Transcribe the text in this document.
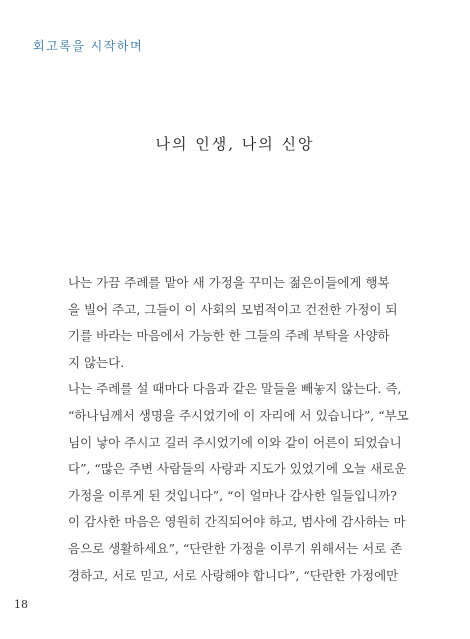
회고록을 시작하며
나의 인생, 나의 신앙
나는 가끔 주례를 맡아 새 가정을 꾸미는 젊은이들에게 행복
을 빌어 주고, 그들이 이 사회의 모범적이고 건전한 가정이 되
기를 바라는 마음에서 가능한 한 그들의 주례 부탁을 사양하
지 않는다.
나는 주례를 설 때마다 다음과 같은 말들을 빼놓지 않는다. 즉,
“하나님께서 생명을 주시었기에 이 자리에 서 있습니다”, “부모
님이 낳아 주시고 길러 주시었기에 이와 같이 어른이 되었습니
다”, “많은 주변 사람들의 사랑과 지도가 있었기에 오늘 새로운
가정을 이루게 된 것입니다”, “이 얼마나 감사한 일들입니까?
이 감사한 마음은 영원히 간직되어야 하고, 범사에 감사하는 마
음으로 생활하세요”, “단란한 가정을 이루기 위해서는 서로 존
경하고, 서로 믿고, 서로 사랑해야 합니다”, “단란한 가정에만
18
